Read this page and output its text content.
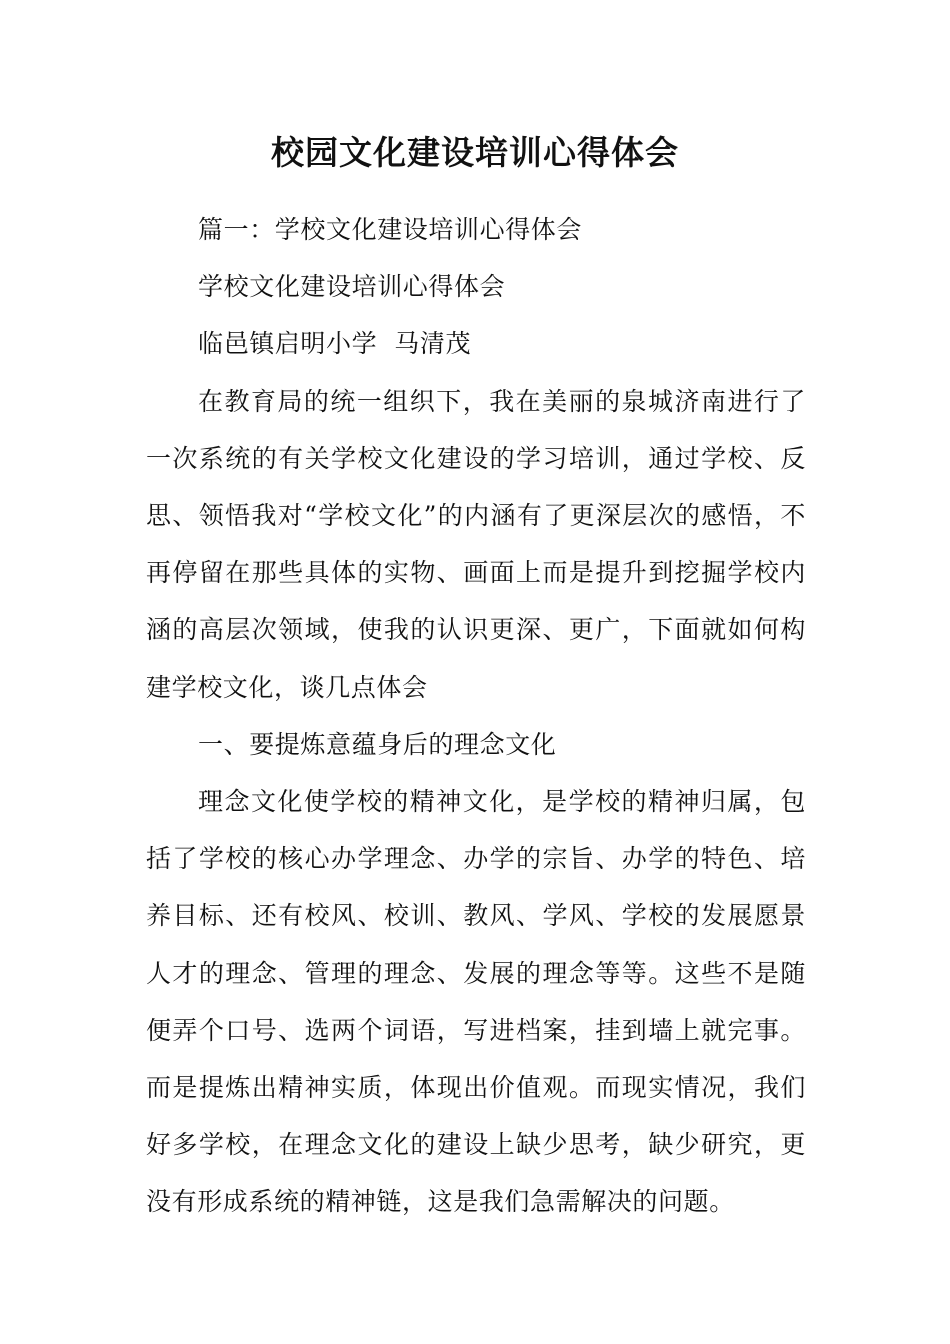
校园文化建设培训心得体会

篇一：学校文化建设培训心得体会

学校文化建设培训心得体会

临邑镇启明小学  马清茂

在教育局的统一组织下，我在美丽的泉城济南进行了一次系统的有关学校文化建设的学习培训，通过学校、反思、领悟我对“学校文化”的内涵有了更深层次的感悟，不再停留在那些具体的实物、画面上而是提升到挖掘学校内涵的高层次领域，使我的认识更深、更广，下面就如何构建学校文化，谈几点体会

一、要提炼意蕴身后的理念文化

理念文化使学校的精神文化，是学校的精神归属，包括了学校的核心办学理念、办学的宗旨、办学的特色、培养目标、还有校风、校训、教风、学风、学校的发展愿景人才的理念、管理的理念、发展的理念等等。这些不是随便弄个口号、选两个词语，写进档案，挂到墙上就完事。而是提炼出精神实质，体现出价值观。而现实情况，我们好多学校，在理念文化的建设上缺少思考，缺少研究，更没有形成系统的精神链，这是我们急需解决的问题。
